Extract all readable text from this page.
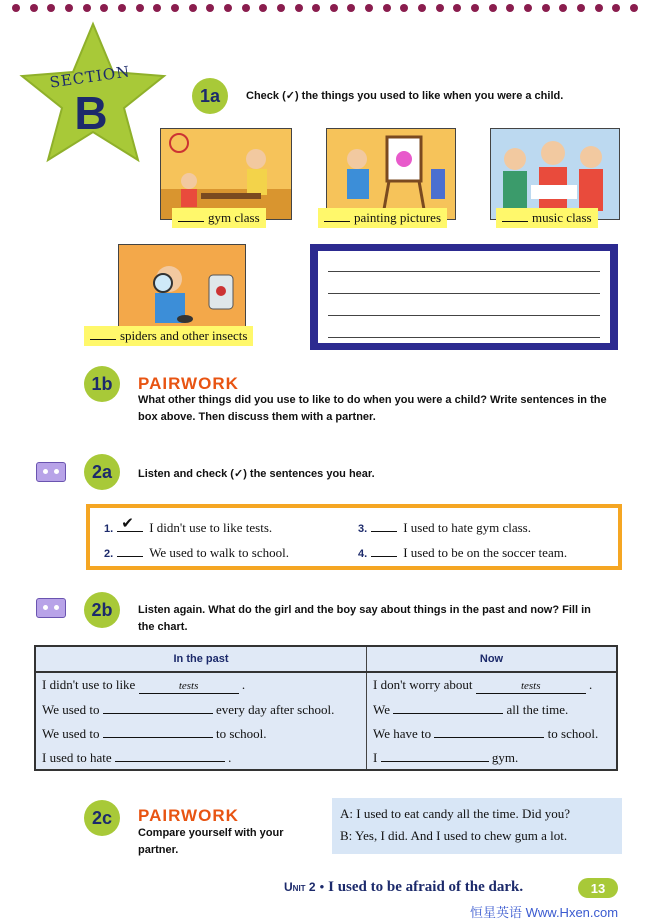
SECTION
B	1a	Check (✓) the things you used to like when you were a child.
gym class	painting pictures	music class
spiders and other insects
1b	PAIRWORK
What other things did you use to like to do when you were a child? Write sentences in the box above. Then discuss them with a partner.
2a	Listen and check (✓) the sentences you hear.
1. ✔ I didn't use to like tests.
2.	We used to walk to school.
3.	I used to hate gym class.
4.	I used to be on the soccer team.
2b	Listen again. What do the girl and the boy say about things in the past and now? Fill in the chart.
In the past	Now
I didn't use to like tests .	I don't worry about tests .
We used to every day after school.	We all the time.
We used to to school.	We have to to school.
I used to hate .	I gym.
2c	PAIRWORK
Compare yourself with your partner.
A: I used to eat candy all the time. Did you?
B: Yes, I did. And I used to chew gum a lot.
Unit 2 • I used to be afraid of the dark.	13
恒星英语 Www.Hxen.com
